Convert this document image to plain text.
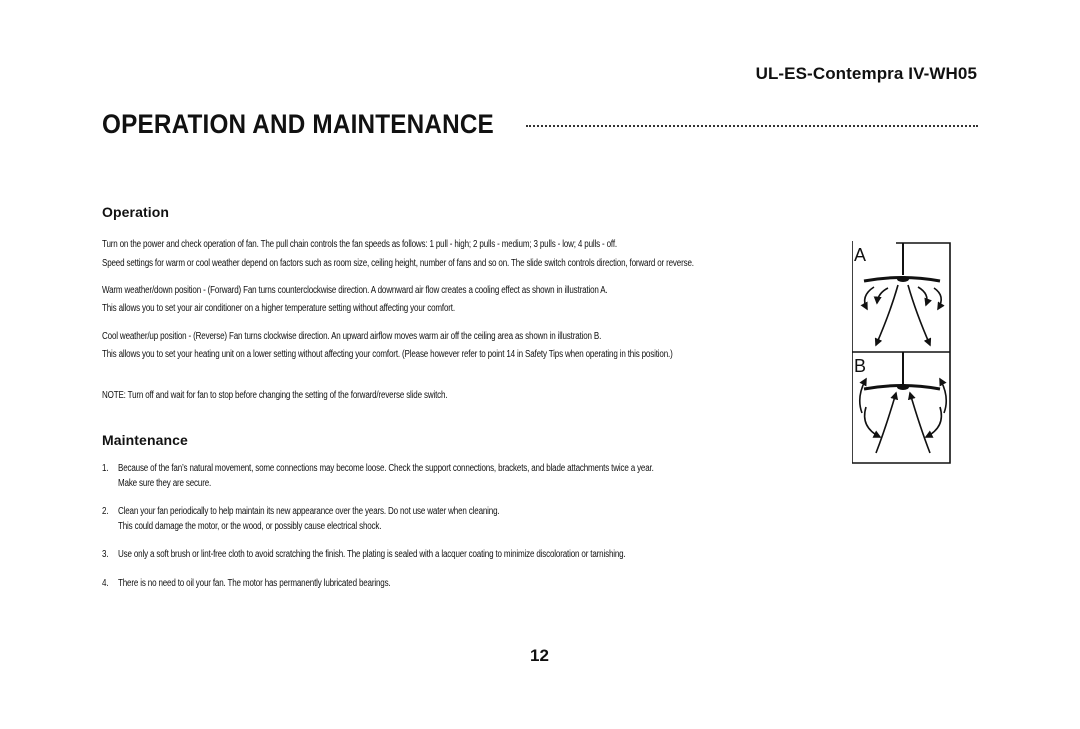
UL-ES-Contempra IV-WH05
OPERATION AND MAINTENANCE
Operation

Turn on the power and check operation of fan. The pull chain controls the fan speeds as follows: 1 pull - high; 2 pulls - medium; 3 pulls - low; 4 pulls - off.

Speed settings for warm or cool weather depend on factors such as room size, ceiling height, number of fans and so on. The slide switch controls direction, forward or reverse.

Warm weather/down position - (Forward) Fan turns counterclockwise direction. A downward air flow creates a cooling effect as shown in illustration A.

This allows you to set your air conditioner on a higher temperature setting without affecting your comfort.

Cool weather/up position - (Reverse) Fan turns clockwise direction. An upward airflow moves warm air off the ceiling area as shown in illustration B.

This allows you to set your heating unit on a lower setting without affecting your comfort. (Please however refer to point 14 in Safety Tips when operating in this position.)

NOTE: Turn off and wait for fan to stop before changing the setting of the forward/reverse slide switch.

Maintenance
1. Because of the fan’s natural movement, some connections may become loose. Check the support connections, brackets, and blade attachments twice a year.
Make sure they are secure.
2. Clean your fan periodically to help maintain its new appearance over the years. Do not use water when cleaning.
This could damage the motor, or the wood, or possibly cause electrical shock.
3. Use only a soft brush or lint-free cloth to avoid scratching the finish. The plating is sealed with a lacquer coating to minimize discoloration or tarnishing.
4. There is no need to oil your fan. The motor has permanently lubricated bearings.
A
B
12
